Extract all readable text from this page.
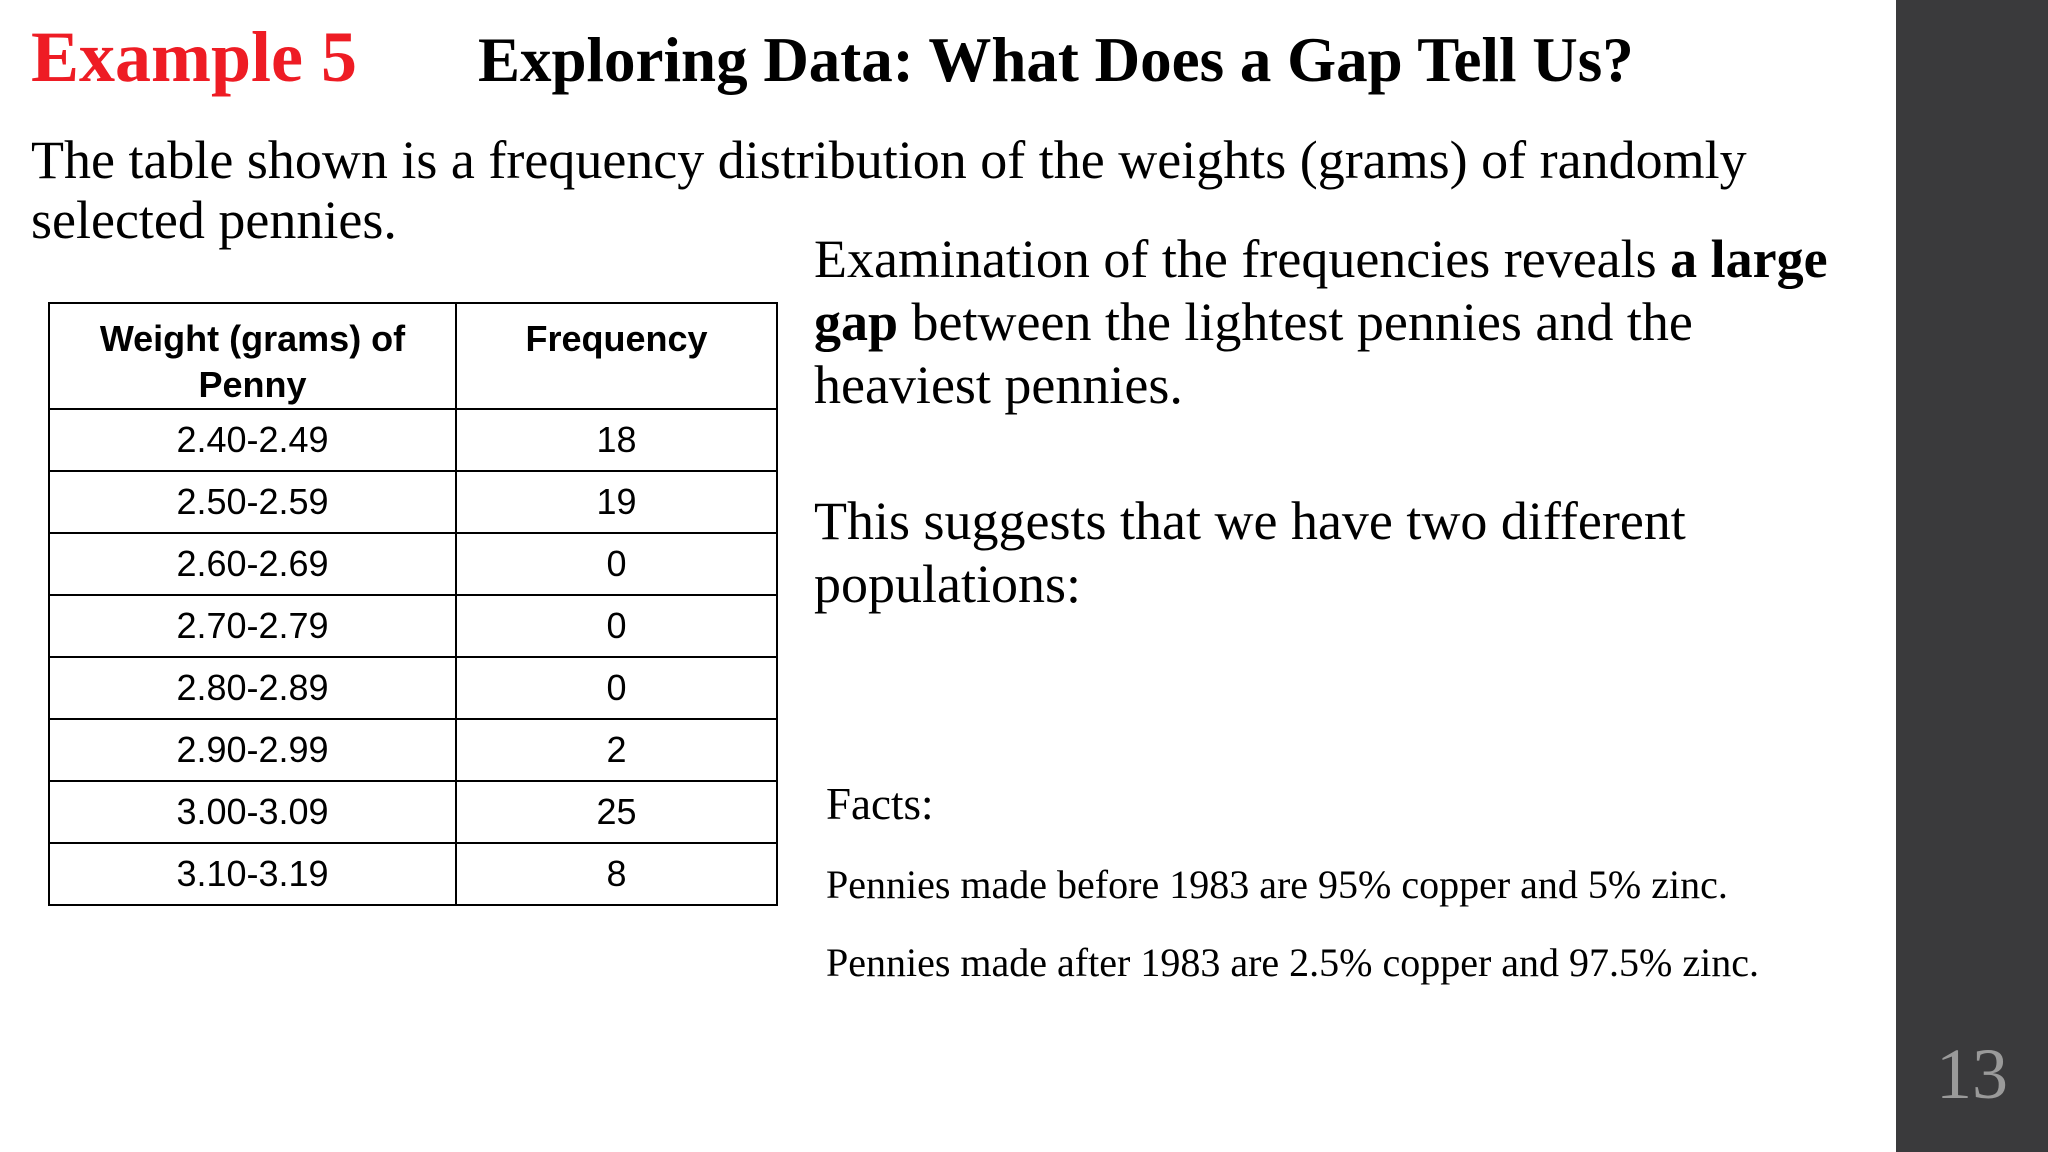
Example 5 Exploring Data: What Does a Gap Tell Us?

The table shown is a frequency distribution of the weights (grams) of randomly selected pennies.

Weight (grams) of Penny	Frequency
2.40-2.49	18
2.50-2.59	19
2.60-2.69	0
2.70-2.79	0
2.80-2.89	0
2.90-2.99	2
3.00-3.09	25
3.10-3.19	8

Examination of the frequencies reveals a large gap between the lightest pennies and the heaviest pennies.

This suggests that we have two different populations:

Facts:

Pennies made before 1983 are 95% copper and 5% zinc.

Pennies made after 1983 are 2.5% copper and 97.5% zinc.

13
